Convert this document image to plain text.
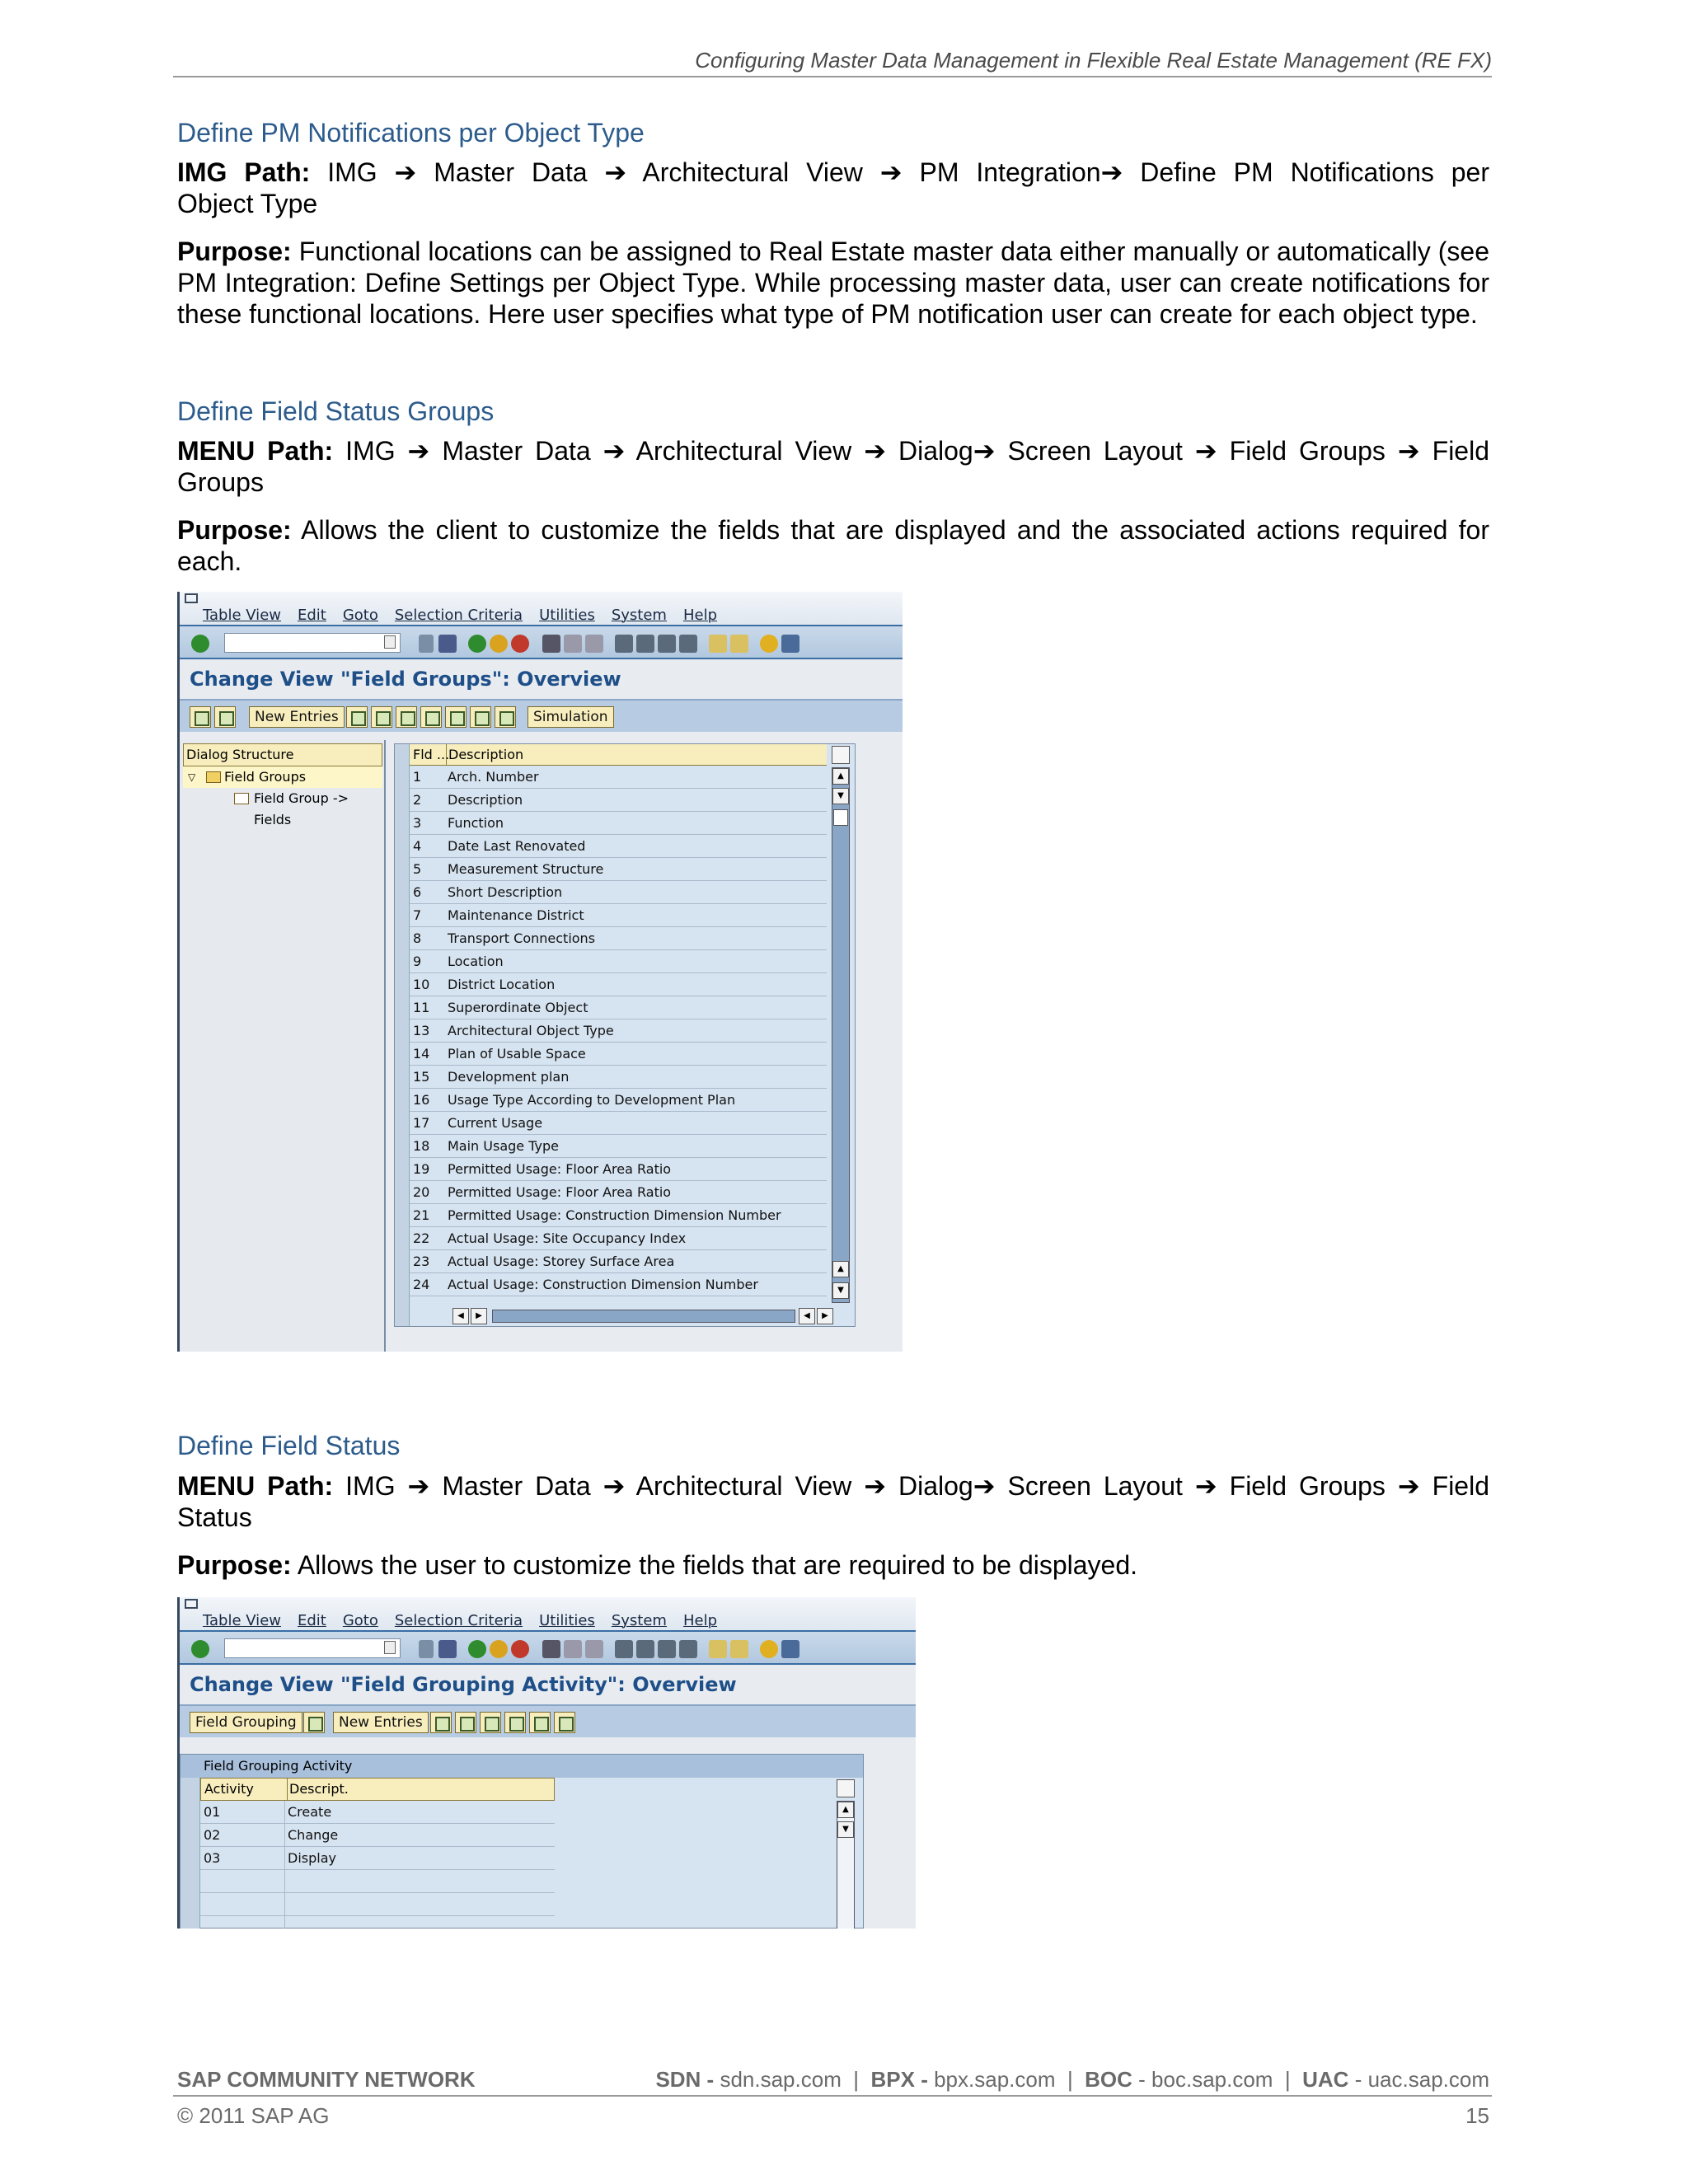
Configuring Master Data Management in Flexible Real Estate Management (RE FX)
Define PM Notifications per Object Type
IMG Path: IMG ➔ Master Data ➔ Architectural View ➔ PM Integration➔ Define PM Notifications per
Object Type
Purpose: Functional locations can be assigned to Real Estate master data either manually or automatically (see PM Integration: Define Settings per Object Type. While processing master data, user can create notifications for these functional locations. Here user specifies what type of PM notification user can create for each object type.
Define Field Status Groups
MENU Path: IMG ➔ Master Data ➔ Architectural View ➔ Dialog➔ Screen Layout ➔ Field Groups ➔ Field
Groups
Purpose: Allows the client to customize the fields that are displayed and the associated actions required for each.
Table View Edit Goto Selection Criteria Utilities System Help
Change View "Field Groups": Overview
New Entries	Simulation
Dialog Structure
▽ Field Groups
Field Group -> Fields
Fld ...
Description
1 Arch. Number
2 Description
3 Function
4 Date Last Renovated
5 Measurement Structure
6 Short Description
7 Maintenance District
8 Transport Connections
9 Location
10 District Location
11 Superordinate Object
13 Architectural Object Type
14 Plan of Usable Space
15 Development plan
16 Usage Type According to Development Plan
17 Current Usage
18 Main Usage Type
19 Permitted Usage: Floor Area Ratio
20 Permitted Usage: Floor Area Ratio
21 Permitted Usage: Construction Dimension Number
22 Actual Usage: Site Occupancy Index
23 Actual Usage: Storey Surface Area
24 Actual Usage: Construction Dimension Number
▲
▼
▲
▼
◀	▶	◀	▶
Define Field Status
MENU Path: IMG ➔ Master Data ➔ Architectural View ➔ Dialog➔ Screen Layout ➔ Field Groups ➔ Field
Status
Purpose: Allows the user to customize the fields that are required to be displayed.
Table View Edit Goto Selection Criteria Utilities System Help
Change View "Field Grouping Activity": Overview
Field Grouping	New Entries
Field Grouping Activity
Activity	Descript.
01	Create
02	Change
03	Display
▲
▼
SAP COMMUNITY NETWORK	SDN - sdn.sap.com  |  BPX - bpx.sap.com  |  BOC - boc.sap.com  |  UAC - uac.sap.com
© 2011 SAP AG	15
